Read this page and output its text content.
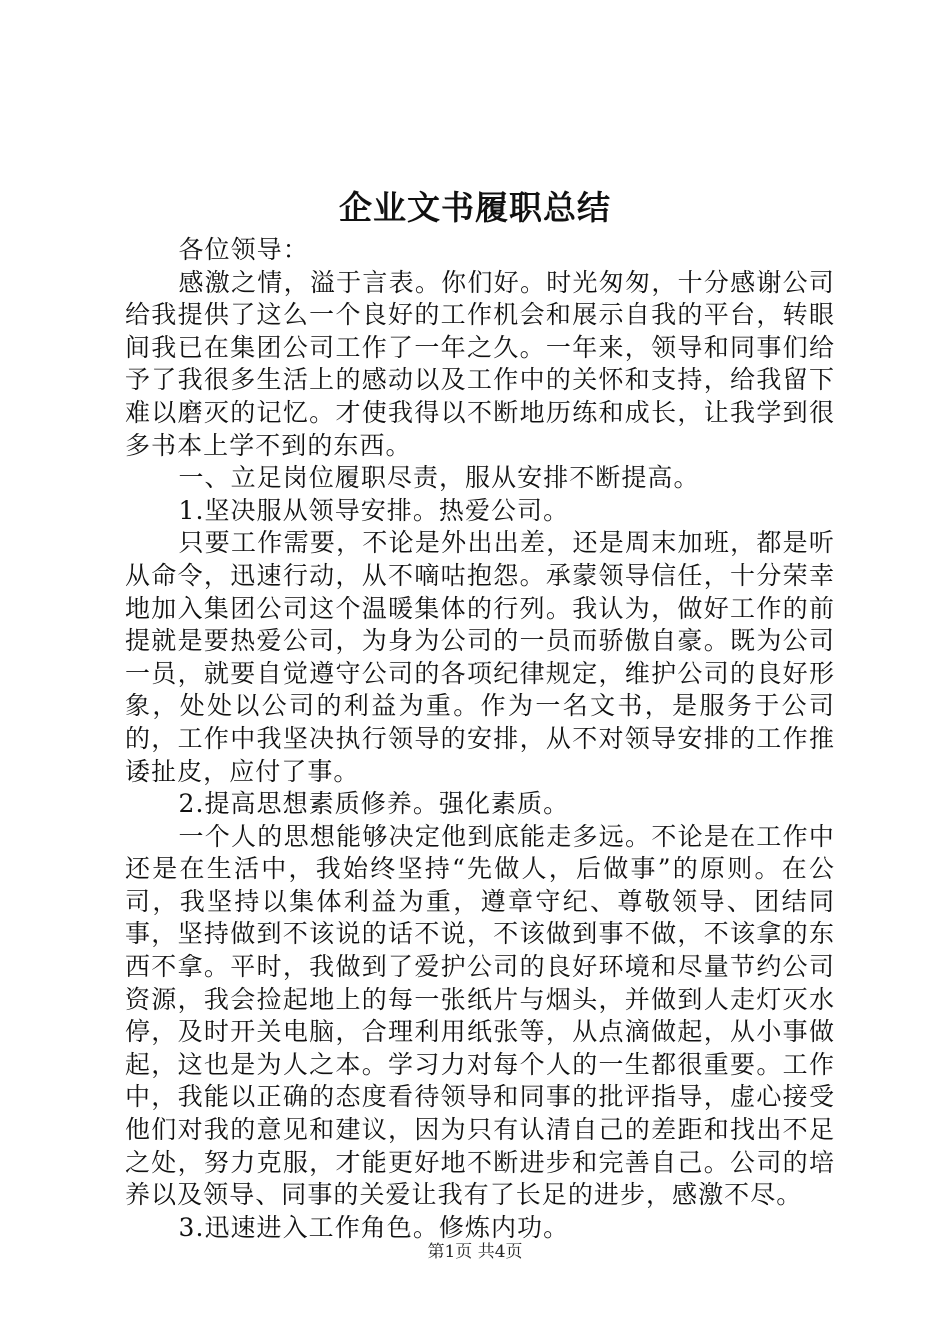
企业文书履职总结

各位领导：

感激之情，溢于言表。你们好。时光匆匆，十分感谢公司给我提供了这么一个良好的工作机会和展示自我的平台，转眼间我已在集团公司工作了一年之久。一年来，领导和同事们给予了我很多生活上的感动以及工作中的关怀和支持，给我留下难以磨灭的记忆。才使我得以不断地历练和成长，让我学到很多书本上学不到的东西。

一、立足岗位履职尽责，服从安排不断提高。

1.坚决服从领导安排。热爱公司。

只要工作需要，不论是外出出差，还是周末加班，都是听从命令，迅速行动，从不嘀咕抱怨。承蒙领导信任，十分荣幸地加入集团公司这个温暖集体的行列。我认为，做好工作的前提就是要热爱公司，为身为公司的一员而骄傲自豪。既为公司一员，就要自觉遵守公司的各项纪律规定，维护公司的良好形象，处处以公司的利益为重。作为一名文书，是服务于公司的，工作中我坚决执行领导的安排，从不对领导安排的工作推诿扯皮，应付了事。

2.提高思想素质修养。强化素质。

一个人的思想能够决定他到底能走多远。不论是在工作中还是在生活中，我始终坚持“先做人，后做事”的原则。在公司，我坚持以集体利益为重，遵章守纪、尊敬领导、团结同事，坚持做到不该说的话不说，不该做到事不做，不该拿的东西不拿。平时，我做到了爱护公司的良好环境和尽量节约公司资源，我会捡起地上的每一张纸片与烟头，并做到人走灯灭水停，及时开关电脑，合理利用纸张等，从点滴做起，从小事做起，这也是为人之本。学习力对每个人的一生都很重要。工作中，我能以正确的态度看待领导和同事的批评指导，虚心接受他们对我的意见和建议，因为只有认清自己的差距和找出不足之处，努力克服，才能更好地不断进步和完善自己。公司的培养以及领导、同事的关爱让我有了长足的进步，感激不尽。

3.迅速进入工作角色。修炼内功。

第1页 共4页
